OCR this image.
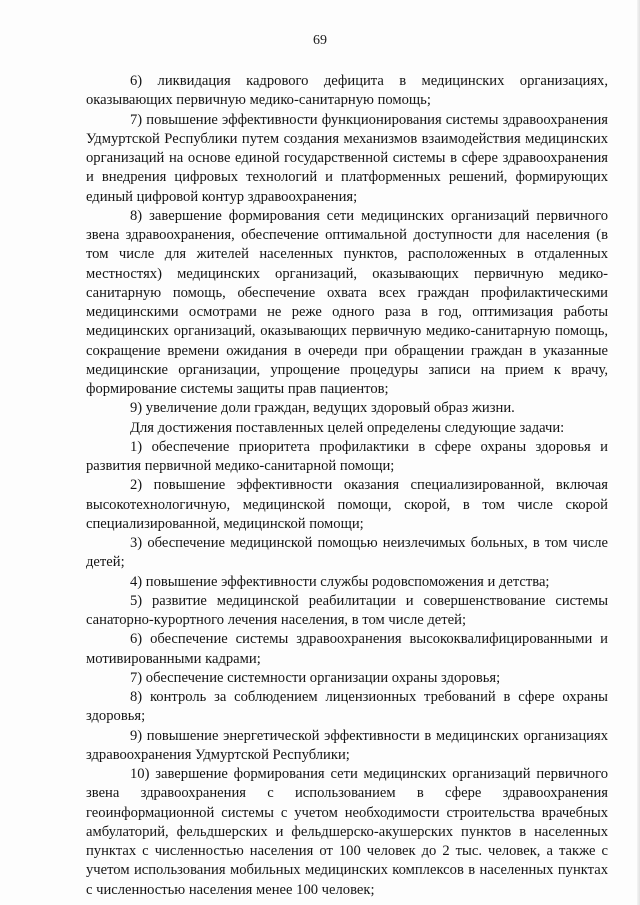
69

6) ликвидация кадрового дефицита в медицинских организациях, оказывающих первичную медико-санитарную помощь;

7) повышение эффективности функционирования системы здравоохранения Удмуртской Республики путем создания механизмов взаимодействия медицинских организаций на основе единой государственной системы в сфере здравоохранения и внедрения цифровых технологий и платформенных решений, формирующих единый цифровой контур здравоохранения;

8) завершение формирования сети медицинских организаций первичного звена здравоохранения, обеспечение оптимальной доступности для населения (в том числе для жителей населенных пунктов, расположенных в отдаленных местностях) медицинских организаций, оказывающих первичную медико-санитарную помощь, обеспечение охвата всех граждан профилактическими медицинскими осмотрами не реже одного раза в год, оптимизация работы медицинских организаций, оказывающих первичную медико-санитарную помощь, сокращение времени ожидания в очереди при обращении граждан в указанные медицинские организации, упрощение процедуры записи на прием к врачу, формирование системы защиты прав пациентов;

9) увеличение доли граждан, ведущих здоровый образ жизни.

Для достижения поставленных целей определены следующие задачи:

1) обеспечение приоритета профилактики в сфере охраны здоровья и развития первичной медико-санитарной помощи;

2) повышение эффективности оказания специализированной, включая высокотехнологичную, медицинской помощи, скорой, в том числе скорой специализированной, медицинской помощи;

3) обеспечение медицинской помощью неизлечимых больных, в том числе детей;

4) повышение эффективности службы родовспоможения и детства;

5) развитие медицинской реабилитации и совершенствование системы санаторно-курортного лечения населения, в том числе детей;

6) обеспечение системы здравоохранения высококвалифицированными и мотивированными кадрами;

7) обеспечение системности организации охраны здоровья;

8) контроль за соблюдением лицензионных требований в сфере охраны здоровья;

9) повышение энергетической эффективности в медицинских организациях здравоохранения Удмуртской Республики;

10) завершение формирования сети медицинских организаций первичного звена здравоохранения с использованием в сфере здравоохранения геоинформационной системы с учетом необходимости строительства врачебных амбулаторий, фельдшерских и фельдшерско-акушерских пунктов в населенных пунктах с численностью населения от 100 человек до 2 тыс. человек, а также с учетом использования мобильных медицинских комплексов в населенных пунктах с численностью населения менее 100 человек;
